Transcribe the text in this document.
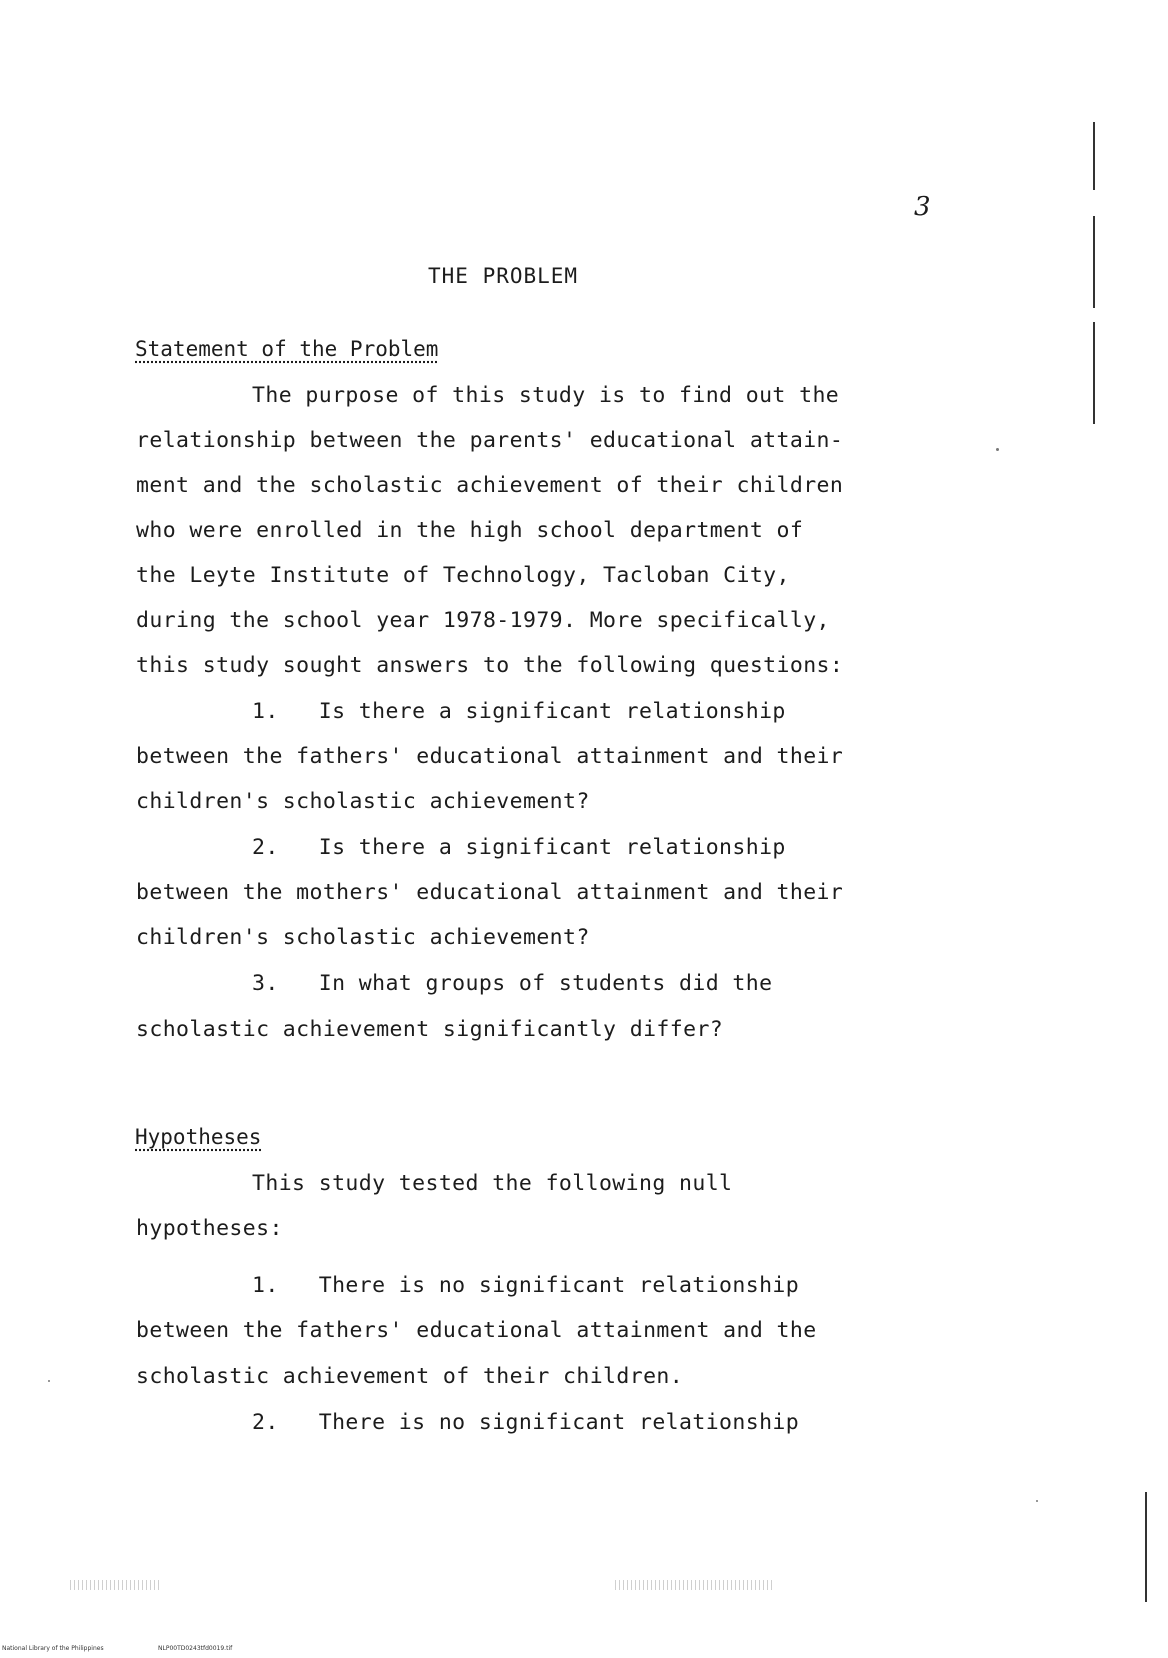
3
THE PROBLEM
Statement of the Problem
The purpose of this study is to find out the
relationship between the parents' educational attain-
ment and the scholastic achievement of their children
who were enrolled in the high school department of
the Leyte Institute of Technology, Tacloban City,
during the school year 1978-1979. More specifically,
this study sought answers to the following questions:
1.   Is there a significant relationship
between the fathers' educational attainment and their
children's scholastic achievement?
2.   Is there a significant relationship
between the mothers' educational attainment and their
children's scholastic achievement?
3.   In what groups of students did the
scholastic achievement significantly differ?
Hypotheses
This study tested the following null
hypotheses:
1.   There is no significant relationship
between the fathers' educational attainment and the
scholastic achievement of their children.
2.   There is no significant relationship
National Library of the Philippines	NLP00TD0243tfd0019.tif
